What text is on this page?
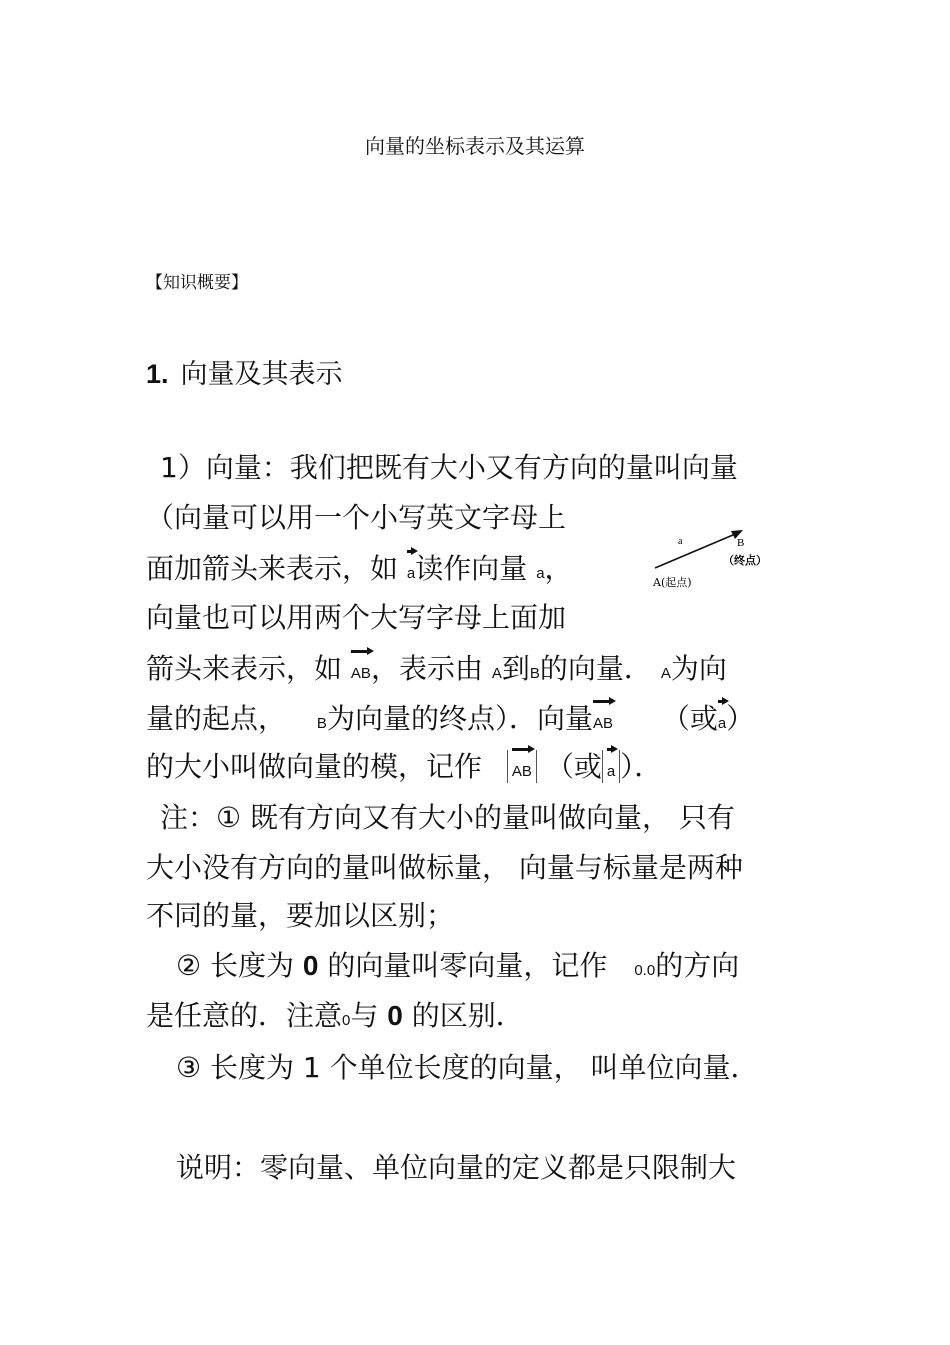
向量的坐标表示及其运算
【知识概要】
1. 向量及其表示
1）向量：我们把既有大小又有方向的量叫向量
（向量可以用一个小写英文字母上
面加箭头来表示，如 a读作向量 a，
向量也可以用两个大写字母上面加
箭头来表示，如 AB，表示由 A到B的向量． A为向
量的起点， B为向量的终点）．向量AB （或a）
的大小叫做向量的模，记作 AB （或 a ）．
注：① 既有方向又有大小的量叫做向量， 只有
大小没有方向的量叫做标量， 向量与标量是两种
不同的量，要加以区别；
② 长度为 0 的向量叫零向量，记作 0.0的方向
是任意的．注意0与 0 的区别．
③ 长度为 1 个单位长度的向量， 叫单位向量．
说明：零向量、单位向量的定义都是只限制大
a	B
（终点）
A(起点)
